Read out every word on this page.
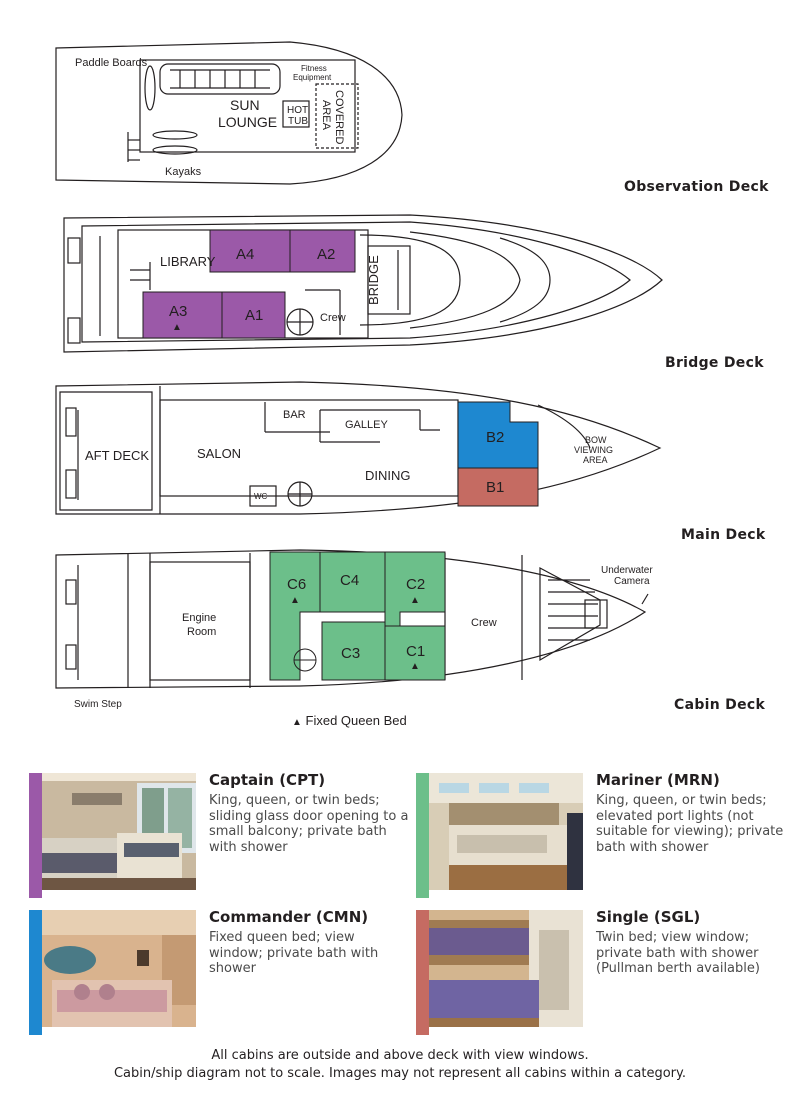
Paddle Boards	Fitness
Equipment
SUN
LOUNGE
HOT
TUB COVERED
AREA
Kayaks
LIBRARY A4	A2
A3	A1
BRIDGE
Crew
AFT DECK	SALON
BAR
GALLEY
DINING
WC
B2
B1
BOW
VIEWING
AREA
Engine
Room
C6 C4	C2
C3	C1
Crew
Underwater
Camera
Swim Step
▲
▲	▲
▲
Observation Deck
Bridge Deck
Main Deck
Cabin Deck
▲ Fixed Queen Bed
Captain (CPT)
King, queen, or twin beds; sliding glass door opening to a small balcony; private bath with shower
Mariner (MRN)
King, queen, or twin beds; elevated port lights (not suitable for viewing); private bath with shower
Commander (CMN)
Fixed queen bed; view window; private bath with shower
Single (SGL)
Twin bed; view window; private bath with shower (Pullman berth available)
All cabins are outside and above deck with view windows.
Cabin/ship diagram not to scale. Images may not represent all cabins within a category.
